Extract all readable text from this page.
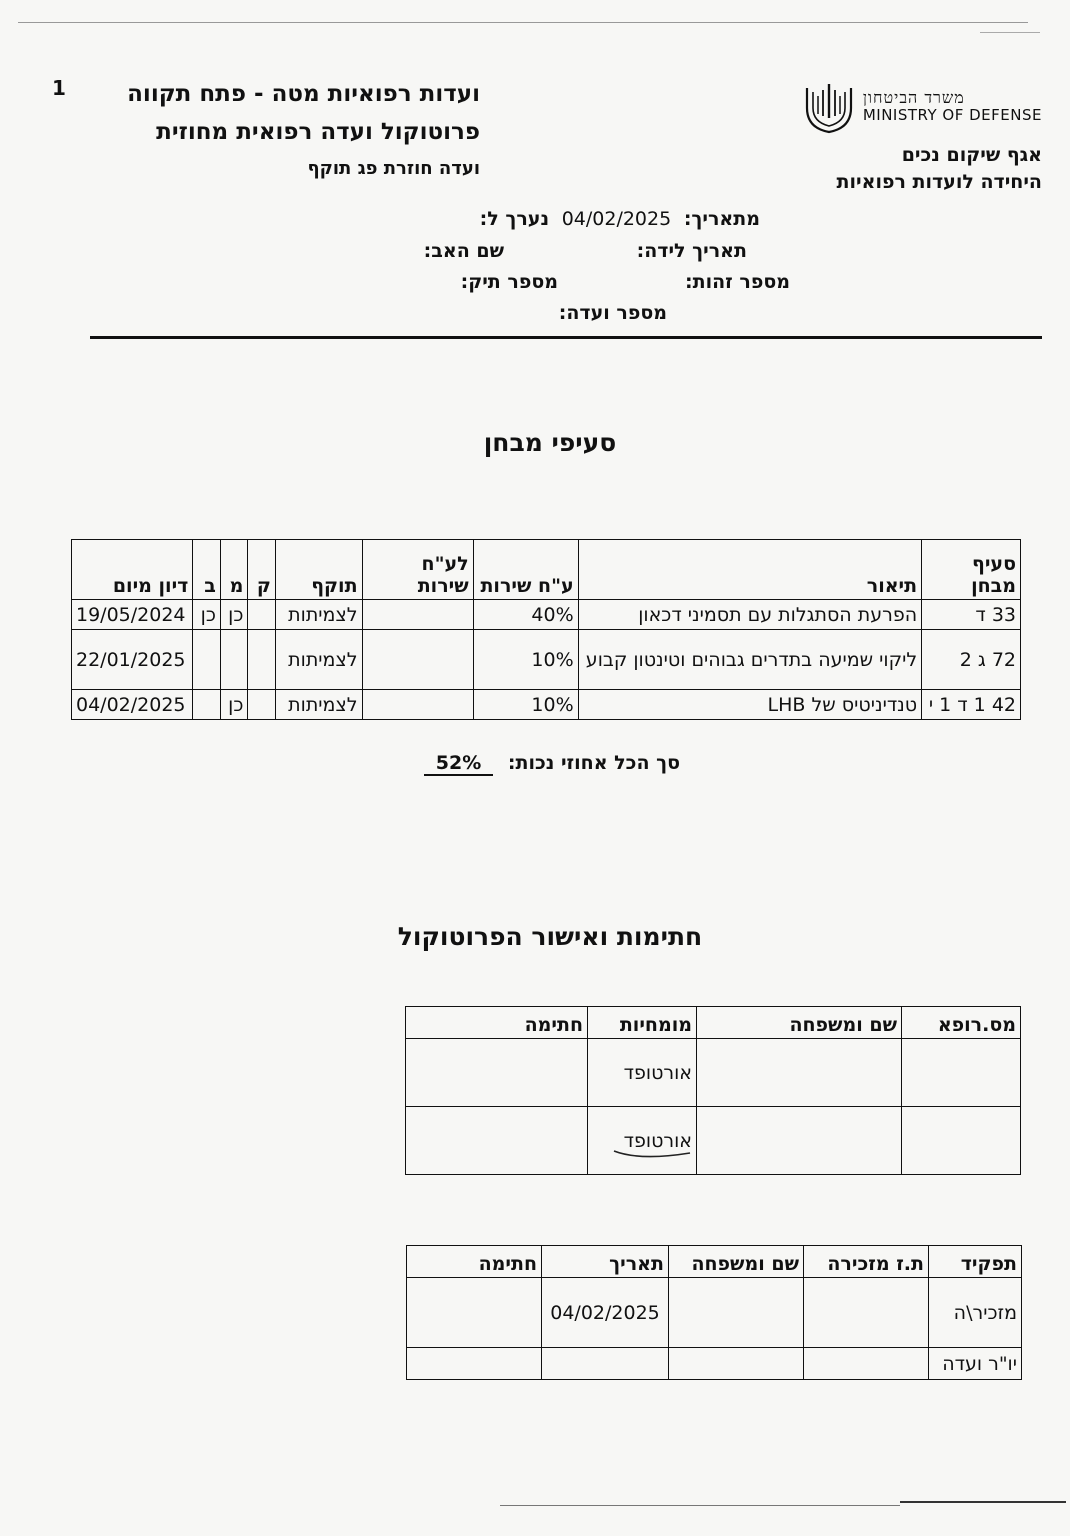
1	משרד הביטחון
MINISTRY OF DEFENSE
אגף שיקום נכים
היחידה לועדות רפואיות
ועדות רפואיות מטה - פתח תקווה
פרוטוקול ועדה רפואית מחוזית
ועדה חוזרת פג תוקף
מתאריך: 04/02/2025 נערך ל:
תאריך לידה:
שם האב:
מספר זהות:
מספר תיק:
מספר ועדה:
סעיפי מבחן
סעיף מבחן	תיאור	ע"ח שירות	לע"ח שירות	תוקף	ק	מ	ב	דיון מיום
33 ד	הפרעת הסתגלות עם תסמיני דכאון	40%		לצמיתות		כן	כן	19/05/2024
72 ג 2	ליקוי שמיעה בתדרים גבוהים וטינטון קבוע	10%		לצמיתות				22/01/2025
42 1 ד 1 י	טנדיניטיס של LHB	10%		לצמיתות		כן		04/02/2025
סך הכל אחוזי נכות: 52%
חתימות ואישור הפרוטוקול
מס.רופא	שם ומשפחה	מומחיות	חתימה
		אורטופד	
		אורטופד

תפקיד	ת.ז מזכירה	שם ומשפחה	תאריך	חתימה
מזכיר\ה			04/02/2025	
יו"ר ועדה				
